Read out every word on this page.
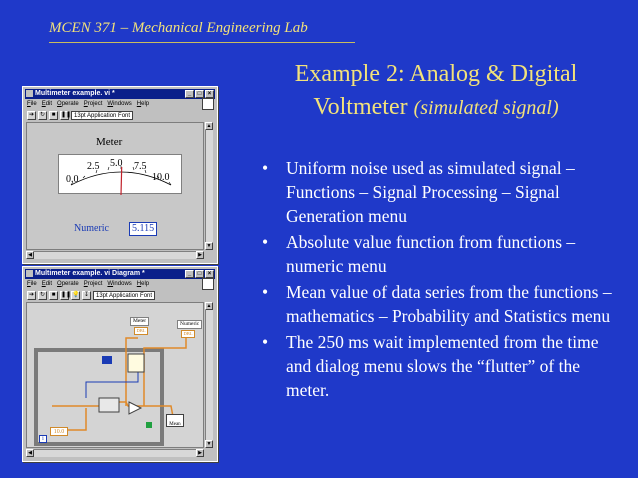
MCEN 371 – Mechanical Engineering Lab
Example 2: Analog & Digital
Voltmeter (simulated signal)
• Uniform noise used as simulated signal – Functions – Signal Processing – Signal Generation menu
• Absolute value function from functions – numeric menu
• Mean value of data series from the functions – mathematics – Probability and Statistics menu
• The 250 ms wait implemented from the time and dialog menu slows the “flutter” of the meter.
Multimeter example. vi *	_	□	×
File Edit Operate Project Windows Help
➔ ↻	■ ❚❚ 13pt Application Font
▲
▼
◀	▶
Meter
0.0
2.5 5.0 7.5
10.0
Numeric	5.115
Multimeter example. vi Diagram *	_	□	×
File Edit Operate Project Windows Help
➔ ↻	■ ❚❚ 💡 ↧	13pt Application Font
▲
▼
◀	▶
Meter
DBL
Numeric
DBL
10.0
Mean
i
